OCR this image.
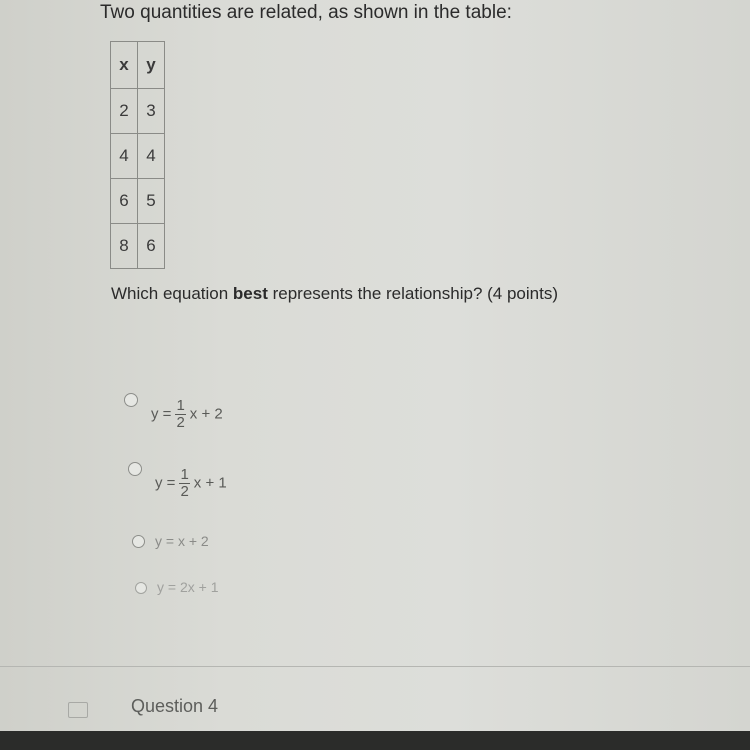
Two quantities are related, as shown in the table:
x	y
2	3
4	4
6	5
8	6
Which equation best represents the relationship? (4 points)
$y = \frac{1}{2}$ x + 2
$y = \frac{1}{2}$ x + 1
y = x + 2
y = 2x + 1
Question 4
